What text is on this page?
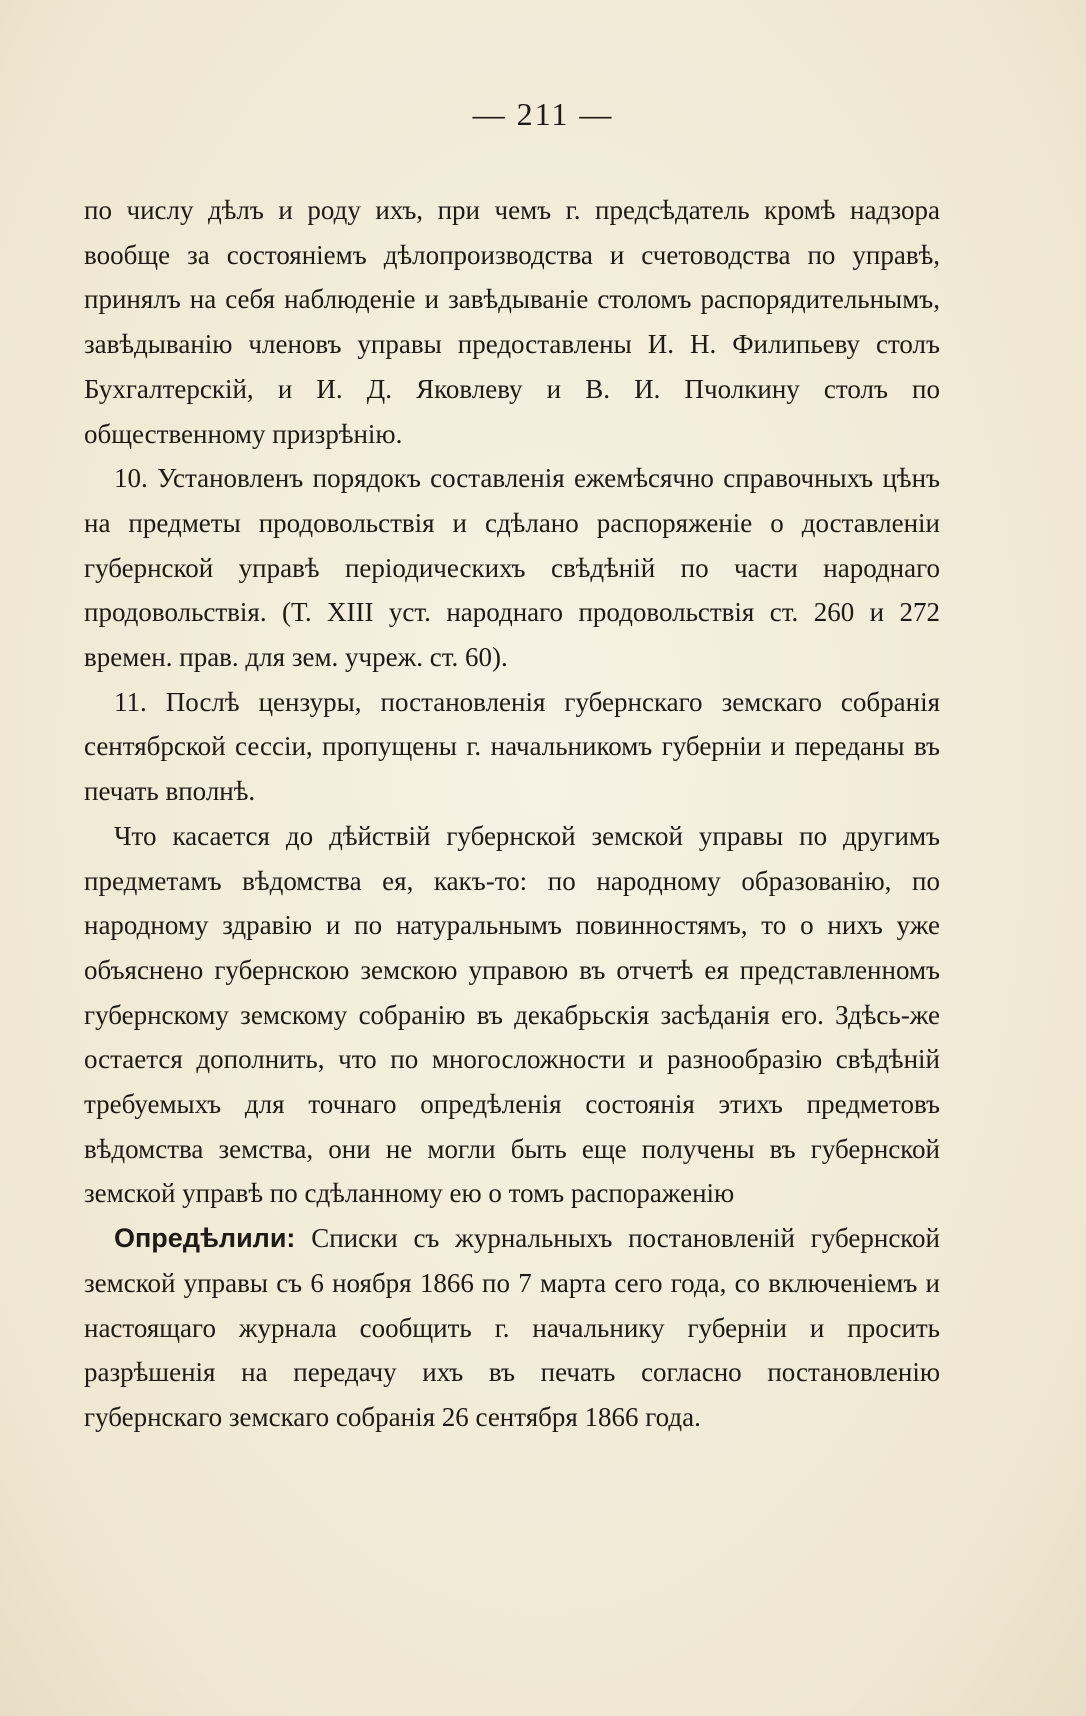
— 211 —

по числу дѣлъ и роду ихъ, при чемъ г. предсѣдатель кромѣ надзора вообще за состояніемъ дѣлопроизводства и счетоводства по управѣ, принялъ на себя наблюденіе и завѣдываніе столомъ распорядительнымъ, завѣдыванію членовъ управы предоставлены И. Н. Филипьеву столъ Бухгалтерскій, и И. Д. Яковлеву и В. И. Пчолкину столъ по общественному призрѣнію.

10. Установленъ порядокъ составленія ежемѣсячно справочныхъ цѣнъ на предметы продовольствія и сдѣлано распоряженіе о доставленіи губернской управѣ періодическихъ свѣдѣній по части народнаго продовольствія. (Т. XIII уст. народнаго продовольствія ст. 260 и 272 времен. прав. для зем. учреж. ст. 60).

11. Послѣ цензуры, постановленія губернскаго земскаго собранія сентябрской сессіи, пропущены г. начальникомъ губерніи и переданы въ печать вполнѣ.

Что касается до дѣйствій губернской земской управы по другимъ предметамъ вѣдомства ея, какъ-то: по народному образованію, по народному здравію и по натуральнымъ повинностямъ, то о нихъ уже объяснено губернскою земскою управою въ отчетѣ ея представленномъ губернскому земскому собранію въ декабрьскія засѣданія его. Здѣсь-же остается дополнить, что по многосложности и разнообразію свѣдѣній требуемыхъ для точнаго опредѣленія состоянія этихъ предметовъ вѣдомства земства, они не могли быть еще получены въ губернской земской управѣ по сдѣланному ею о томъ распораженію

Опредѣлили: Списки съ журнальныхъ постановленій губернской земской управы съ 6 ноября 1866 по 7 марта сего года, со включеніемъ и настоящаго журнала сообщить г. начальнику губерніи и просить разрѣшенія на передачу ихъ въ печать согласно постановленію губернскаго земскаго собранія 26 сентября 1866 года.
